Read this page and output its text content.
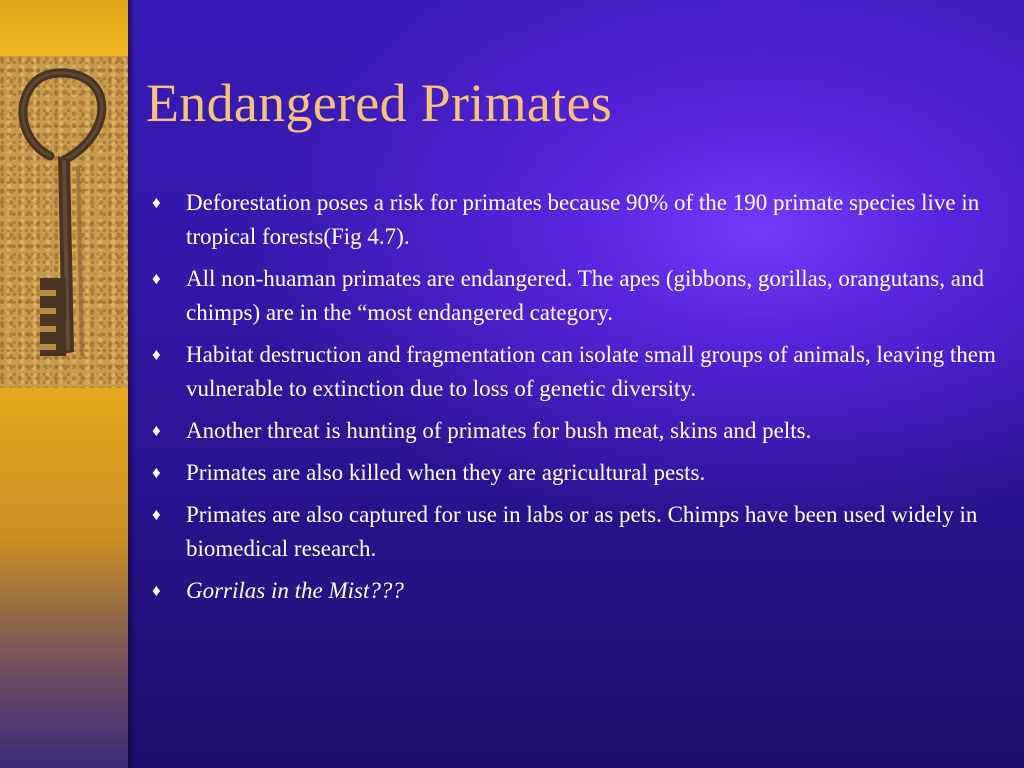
Endangered Primates
♦ Deforestation poses a risk for primates because 90% of the 190 primate species live in tropical forests(Fig 4.7).
♦ All non-huaman primates are endangered. The apes (gibbons, gorillas, orangutans, and chimps) are in the “most endangered category.
♦ Habitat destruction and fragmentation can isolate small groups of animals, leaving them vulnerable to extinction due to loss of genetic diversity.
♦ Another threat is hunting of primates for bush meat, skins and pelts.
♦ Primates are also killed when they are agricultural pests.
♦ Primates are also captured for use in labs or as pets. Chimps have been used widely in biomedical research.
♦ Gorrilas in the Mist???
